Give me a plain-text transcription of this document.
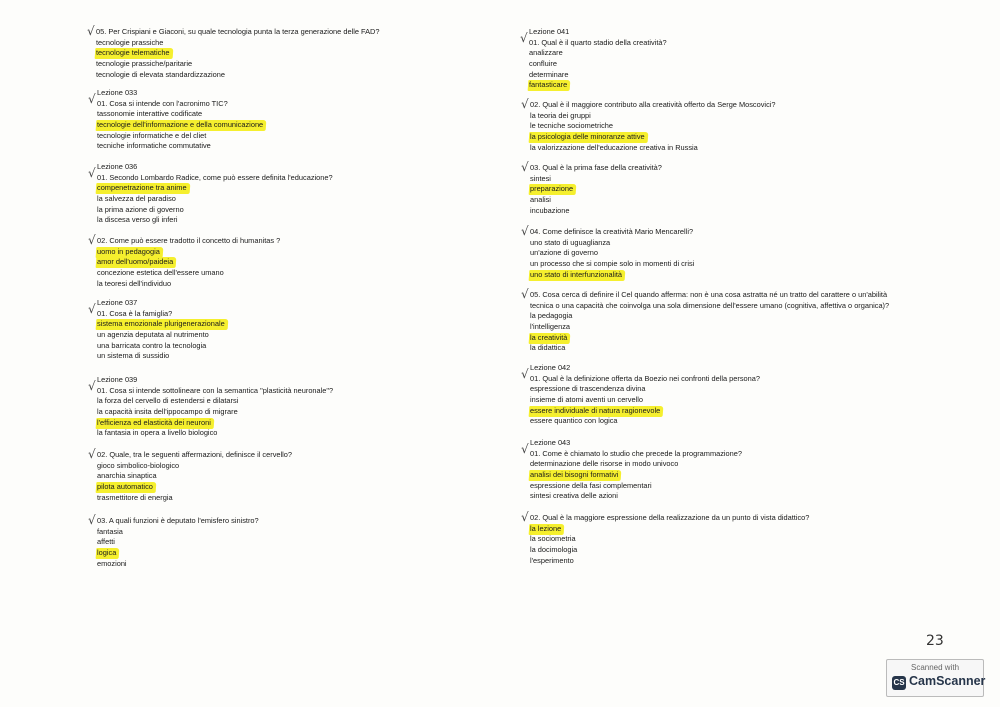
√ 05. Per Crispiani e Giaconi, su quale tecnologia punta la terza generazione delle FAD?
tecnologie prassiche
tecnologie telematiche
tecnologie prassiche/paritarie
tecnologie di elevata standardizzazione
√ Lezione 033
01. Cosa si intende con l'acronimo TIC?
tassonomie interattive codificate
tecnologie dell'informazione e della comunicazione
tecnologie informatiche e del cliet
tecniche informatiche commutative
√ Lezione 036
01. Secondo Lombardo Radice, come può essere definita l'educazione?
compenetrazione tra anime
la salvezza del paradiso
la prima azione di governo
la discesa verso gli inferi
√ 02. Come può essere tradotto il concetto di humanitas ?
uomo in pedagogia
amor dell'uomo/paideia
concezione estetica dell'essere umano
la teoresi dell'individuo
√ Lezione 037
01. Cosa è la famiglia?
sistema emozionale plurigenerazionale
un agenzia deputata al nutrimento
una barricata contro la tecnologia
un sistema di sussidio
√ Lezione 039
01. Cosa si intende sottolineare con la semantica "plasticità neuronale"?
la forza del cervello di estendersi e dilatarsi
la capacità insita dell'ippocampo di migrare
l'efficienza ed elasticità dei neuroni
la fantasia in opera a livello biologico
√ 02. Quale, tra le seguenti affermazioni, definisce il cervello?
gioco simbolico-biologico
anarchia sinaptica
pilota automatico
trasmettitore di energia
√ 03. A quali funzioni è deputato l'emisfero sinistro?
fantasia
affetti
logica
emozioni
√ Lezione 041
01. Qual è il quarto stadio della creatività?
analizzare
confluire
determinare
fantasticare
√ 02. Qual è il maggiore contributo alla creatività offerto da Serge Moscovici?
la teoria dei gruppi
le tecniche sociometriche
la psicologia delle minoranze attive
la valorizzazione dell'educazione creativa in Russia
√ 03. Qual è la prima fase della creatività?
sintesi
preparazione
analisi
incubazione
√ 04. Come definisce la creatività Mario Mencarelli?
uno stato di uguaglianza
un'azione di governo
un processo che si compie solo in momenti di crisi
uno stato di interfunzionalità
√ 05. Cosa cerca di definire il Cel quando afferma: non è una cosa astratta né un tratto del carattere o un'abilità
tecnica o una capacità che coinvolga una sola dimensione dell'essere umano (cognitiva, affettiva o organica)?
la pedagogia
l'intelligenza
la creatività
la didattica
√ Lezione 042
01. Qual è la definizione offerta da Boezio nei confronti della persona?
espressione di trascendenza divina
insieme di atomi aventi un cervello
essere individuale di natura ragionevole
essere quantico con logica
√ Lezione 043
01. Come è chiamato lo studio che precede la programmazione?
determinazione delle risorse in modo univoco
analisi dei bisogni formativi
espressione della fasi complementari
sintesi creativa delle azioni
√ 02. Qual è la maggiore espressione della realizzazione da un punto di vista didattico?
la lezione
la sociometria
la docimologia
l'esperimento
23
Scanned with
CS CamScanner
